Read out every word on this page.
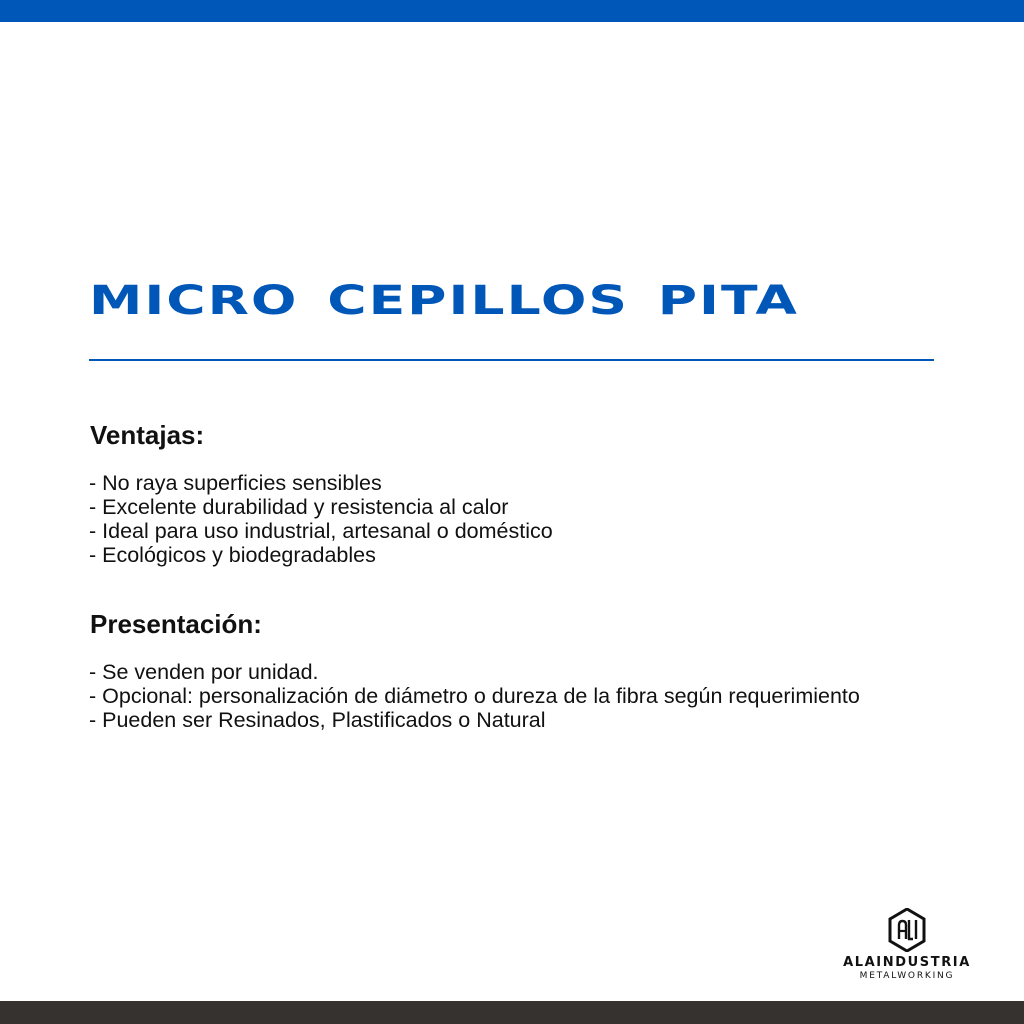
MICRO CEPILLOS PITA
Ventajas:
- No raya superficies sensibles
- Excelente durabilidad y resistencia al calor
- Ideal para uso industrial, artesanal o doméstico
- Ecológicos y biodegradables
Presentación:
- Se venden por unidad.
- Opcional: personalización de diámetro o dureza de la fibra según requerimiento
- Pueden ser Resinados, Plastificados o Natural
ALAINDUSTRIA
METALWORKING
